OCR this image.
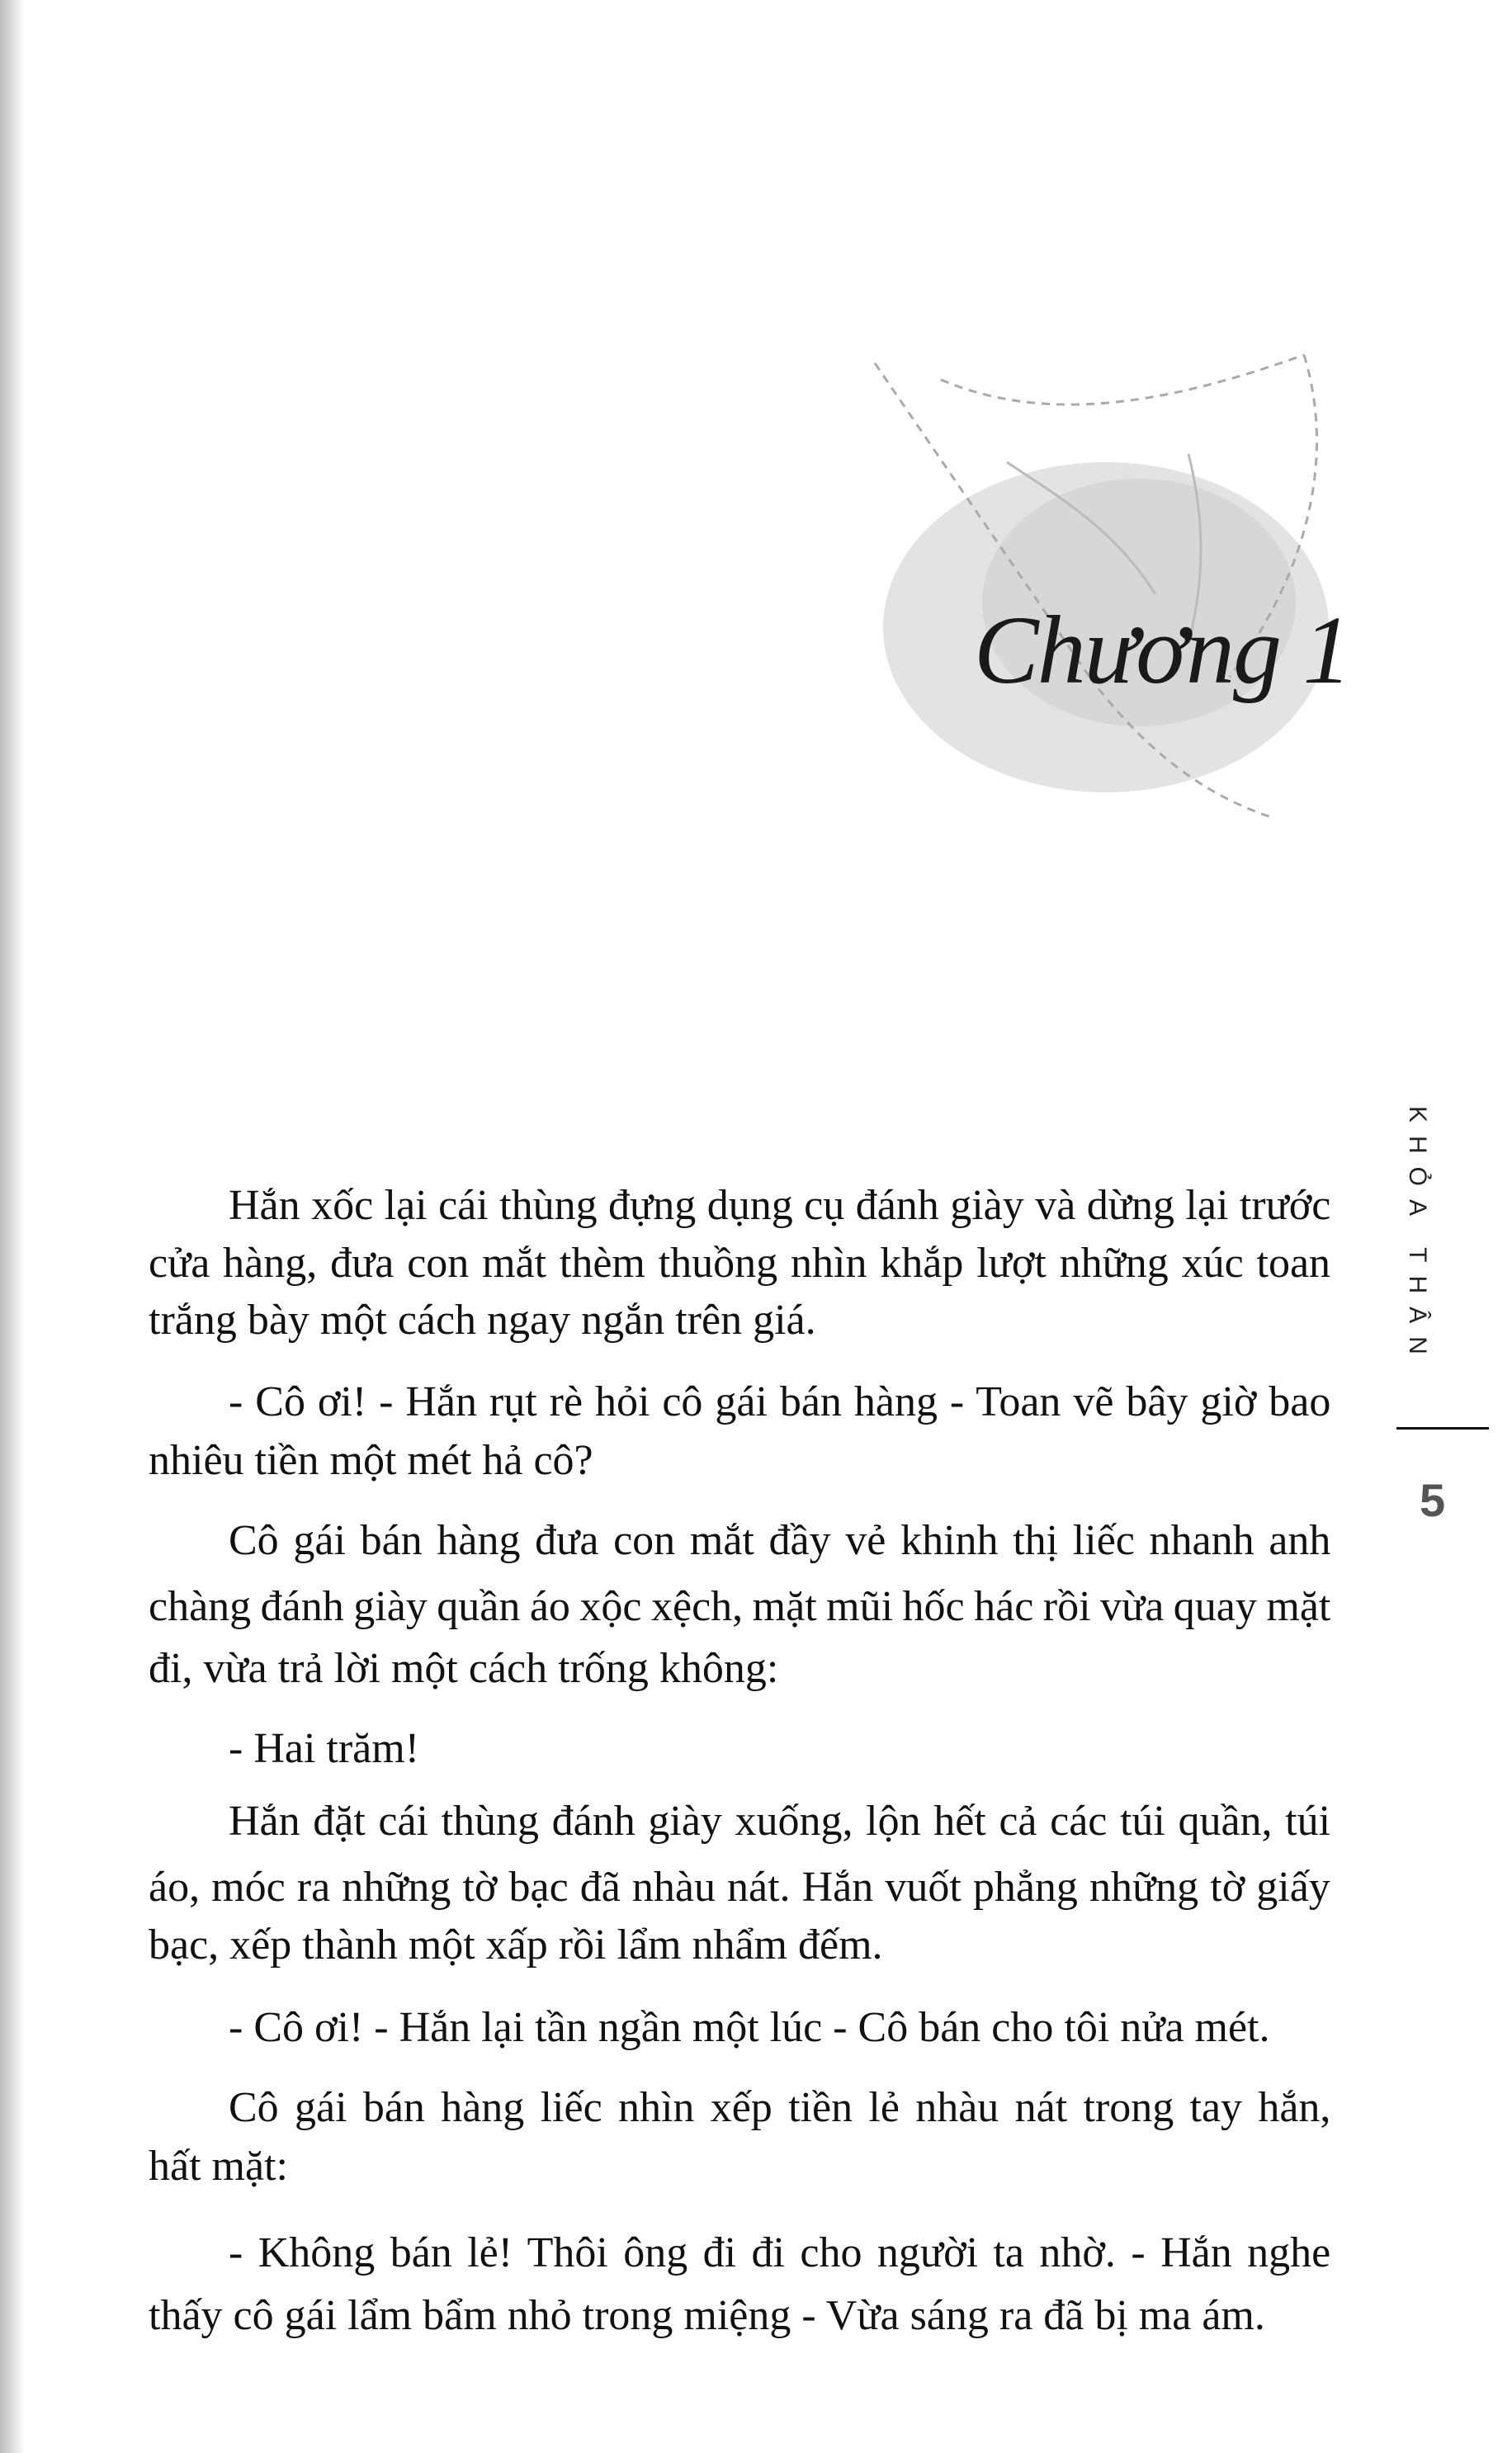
Chương 1
Hắn xốc lại cái thùng đựng dụng cụ đánh giày và dừng lại trước
cửa hàng, đưa con mắt thèm thuồng nhìn khắp lượt những xúc toan
trắng bày một cách ngay ngắn trên giá.
- Cô ơi! - Hắn rụt rè hỏi cô gái bán hàng - Toan vẽ bây giờ bao
nhiêu tiền một mét hả cô?
Cô gái bán hàng đưa con mắt đầy vẻ khinh thị liếc nhanh anh
chàng đánh giày quần áo xộc xệch, mặt mũi hốc hác rồi vừa quay mặt
đi, vừa trả lời một cách trống không:
- Hai trăm!
Hắn đặt cái thùng đánh giày xuống, lộn hết cả các túi quần, túi
áo, móc ra những tờ bạc đã nhàu nát. Hắn vuốt phẳng những tờ giấy
bạc, xếp thành một xấp rồi lẩm nhẩm đếm.
- Cô ơi! - Hắn lại tần ngần một lúc - Cô bán cho tôi nửa mét.
Cô gái bán hàng liếc nhìn xếp tiền lẻ nhàu nát trong tay hắn,
hất mặt:
- Không bán lẻ! Thôi ông đi đi cho người ta nhờ. - Hắn nghe
thấy cô gái lẩm bẩm nhỏ trong miệng - Vừa sáng ra đã bị ma ám.
KHỎA THÂN
5
